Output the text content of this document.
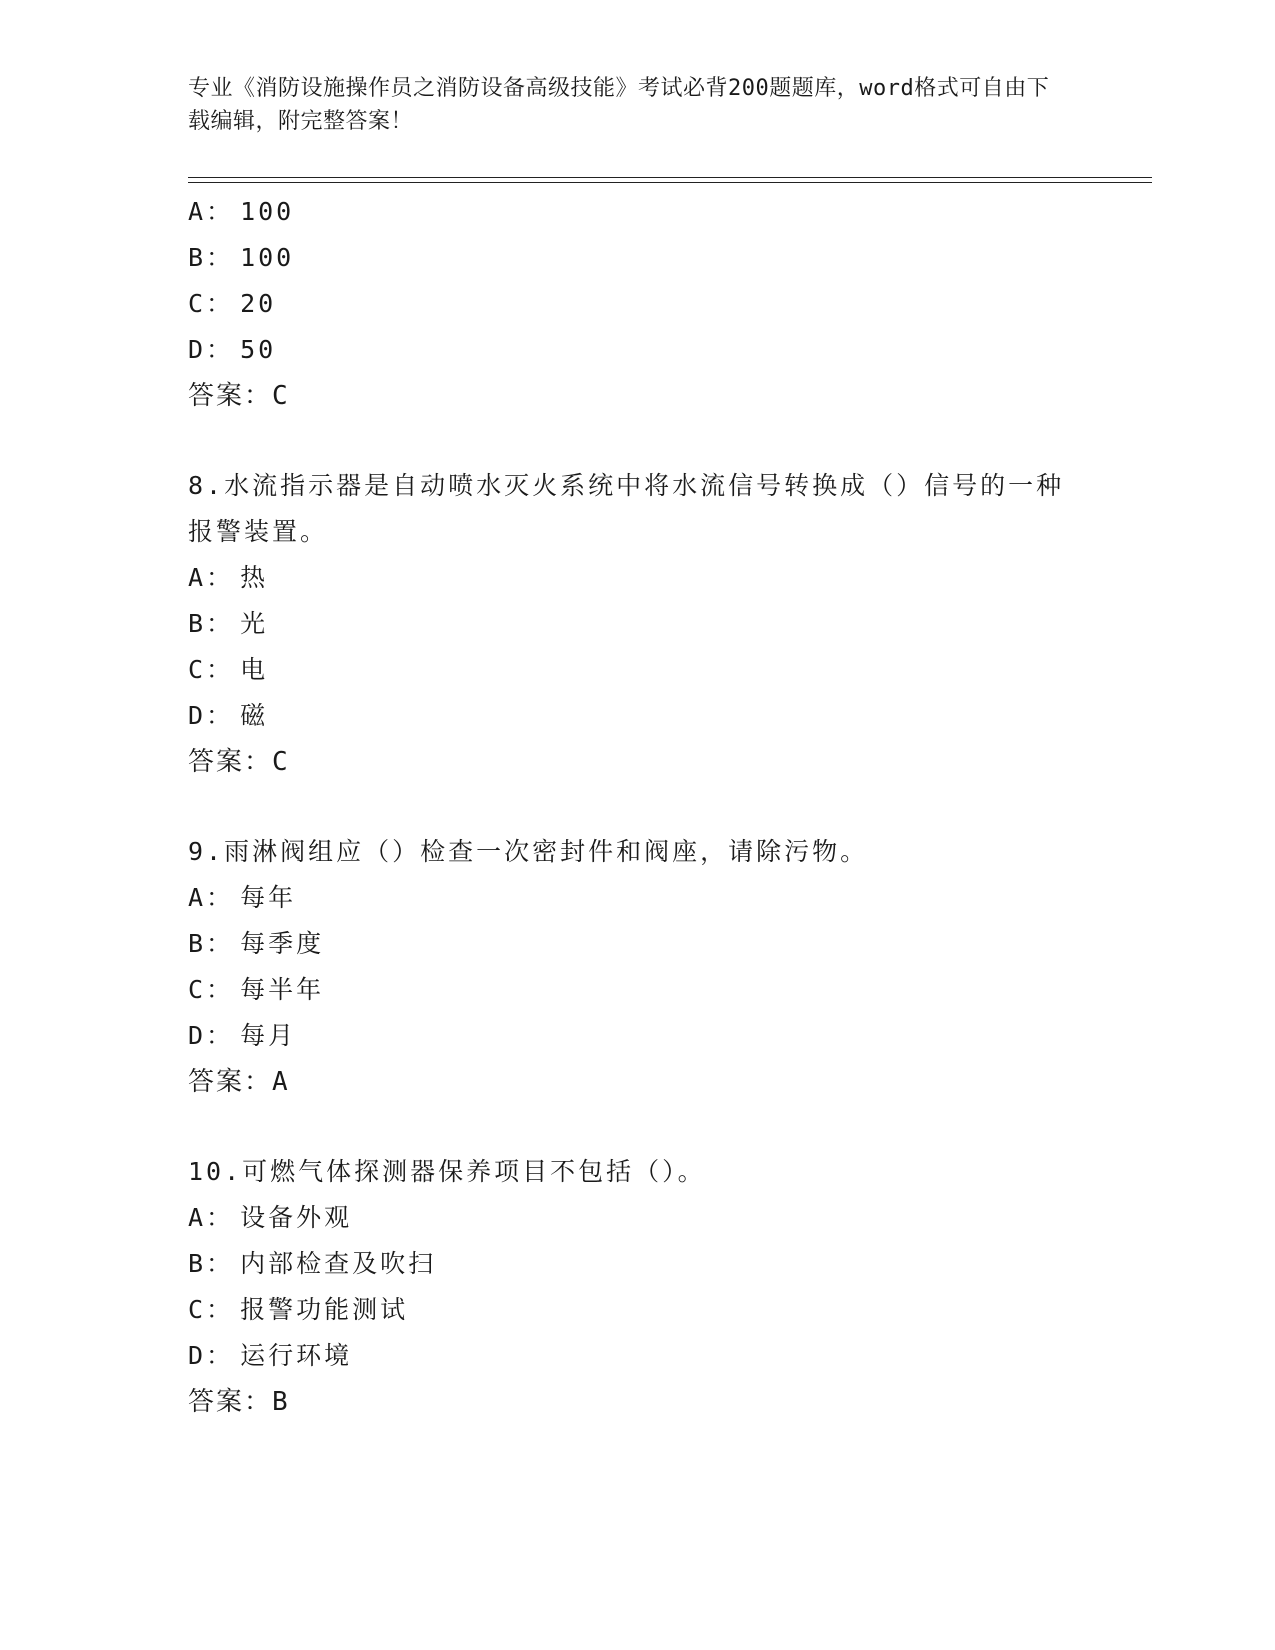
专业《消防设施操作员之消防设备高级技能》考试必背200题题库，word格式可自由下载编辑，附完整答案！
A： 100
B： 100
C： 20
D： 50
答案：C
8.水流指示器是自动喷水灭火系统中将水流信号转换成（）信号的一种报警装置。
A： 热
B： 光
C： 电
D： 磁
答案：C
9.雨淋阀组应（）检查一次密封件和阀座，请除污物。
A： 每年
B： 每季度
C： 每半年
D： 每月
答案：A
10.可燃气体探测器保养项目不包括（）。
A： 设备外观
B： 内部检查及吹扫
C： 报警功能测试
D： 运行环境
答案：B
